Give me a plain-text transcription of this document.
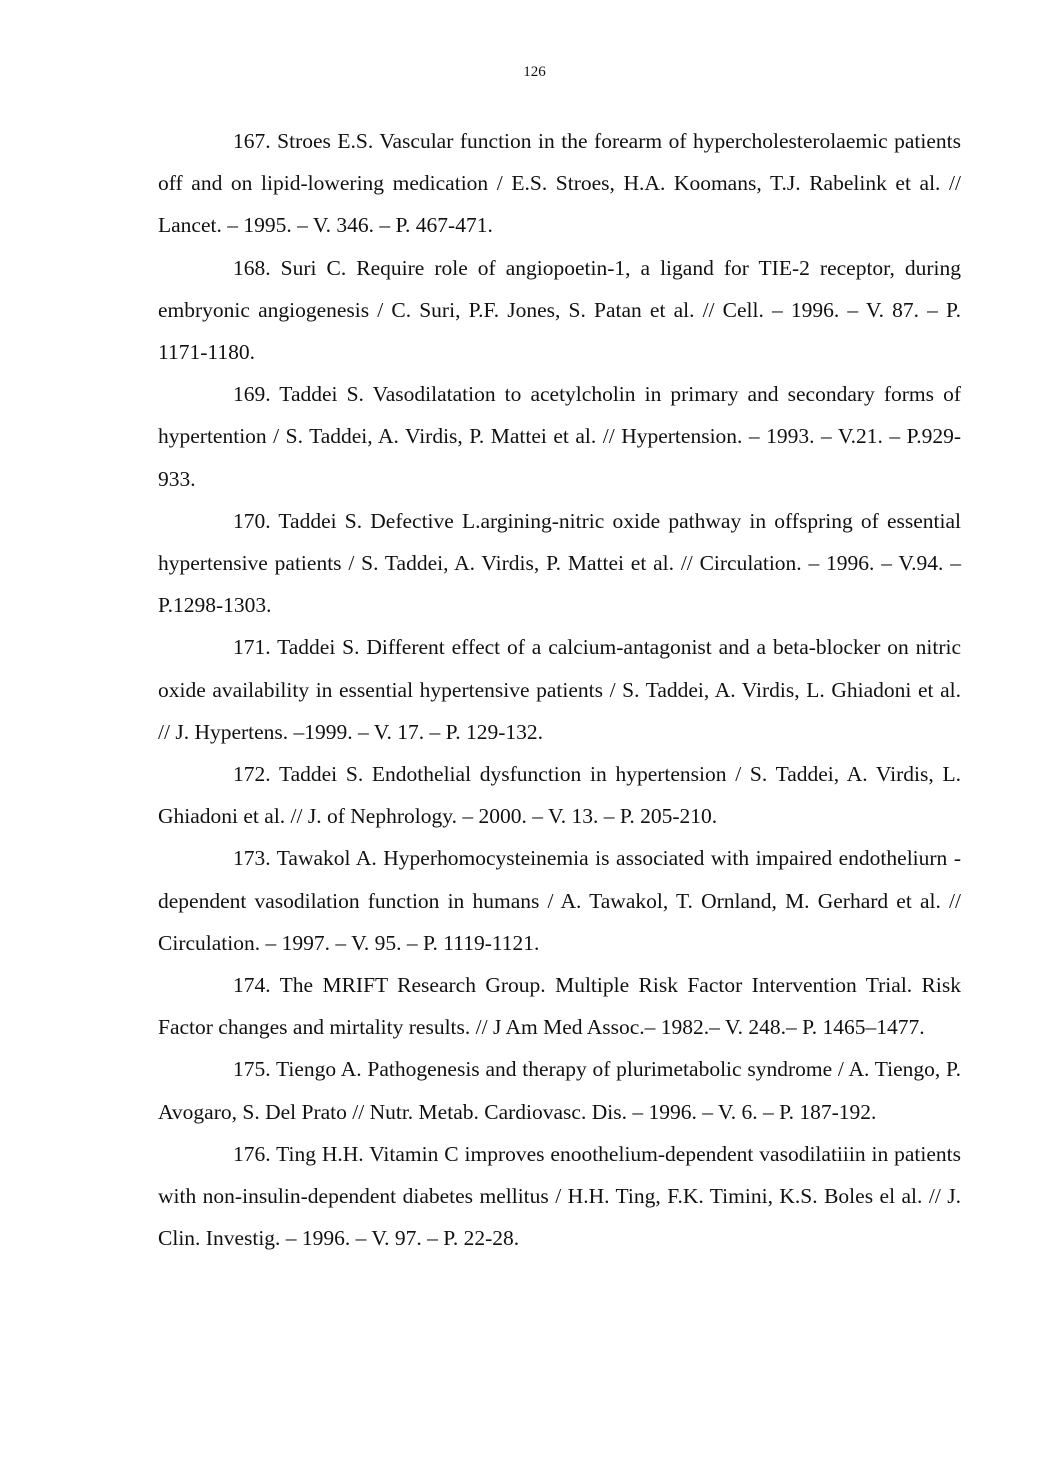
126

167. Stroes E.S. Vascular function in the forearm of hypercholesterolaemic patients off and on lipid-lowering medication / E.S. Stroes, H.A. Koomans, T.J. Rabelink et al. // Lancet. – 1995. – V. 346. – P. 467-471.

168. Suri C. Require role of angiopoetin-1, a ligand for TIE-2 receptor, during embryonic angiogenesis / C. Suri, P.F. Jones, S. Patan et al. // Cell. – 1996. – V. 87. – P. 1171-1180.

169. Taddei S. Vasodilatation to acetylcholin in primary and secondary forms of hypertention / S. Taddei, A. Virdis, P. Mattei et al. // Hypertension. – 1993. – V.21. – P.929-933.

170. Taddei S. Defective L.argining-nitric oxide pathway in offspring of essential hypertensive patients / S. Taddei, A. Virdis, P. Mattei et al. // Circulation. – 1996. – V.94. – P.1298-1303.

171. Taddei S. Different effect of a calcium-antagonist and a beta-blocker on nitric oxide availability in essential hypertensive patients / S. Taddei, A. Virdis, L. Ghiadoni et al. // J. Hypertens. –1999. – V. 17. – P. 129-132.

172. Taddei S. Endothelial dysfunction in hypertension / S. Taddei, A. Virdis, L. Ghiadoni et al. // J. of Nephrology. – 2000. – V. 13. – P. 205-210.

173. Tawakol A. Hyperhomocysteinemia is associated with impaired endotheliurn - dependent vasodilation function in humans / A. Tawakol, T. Ornland, M. Gerhard et al. // Circulation. – 1997. – V. 95. – P. 1119-1121.

174. The MRIFT Research Group. Multiple Risk Factor Intervention Trial. Risk Factor changes and mirtality results. // J Am Med Assoc.– 1982.– V. 248.– P. 1465–1477.

175. Tiengo A. Pathogenesis and therapy of plurimetabolic syndrome / A. Tiengo, P. Avogaro, S. Del Prato // Nutr. Metab. Cardiovasc. Dis. – 1996. – V. 6. – P. 187-192.

176. Ting H.H. Vitamin C improves enoothelium-dependent vasodilatiiin in patients with non-insulin-dependent diabetes mellitus / H.H. Ting, F.K. Timini, K.S. Boles el al. // J. Clin. Investig. – 1996. – V. 97. – P. 22-28.
